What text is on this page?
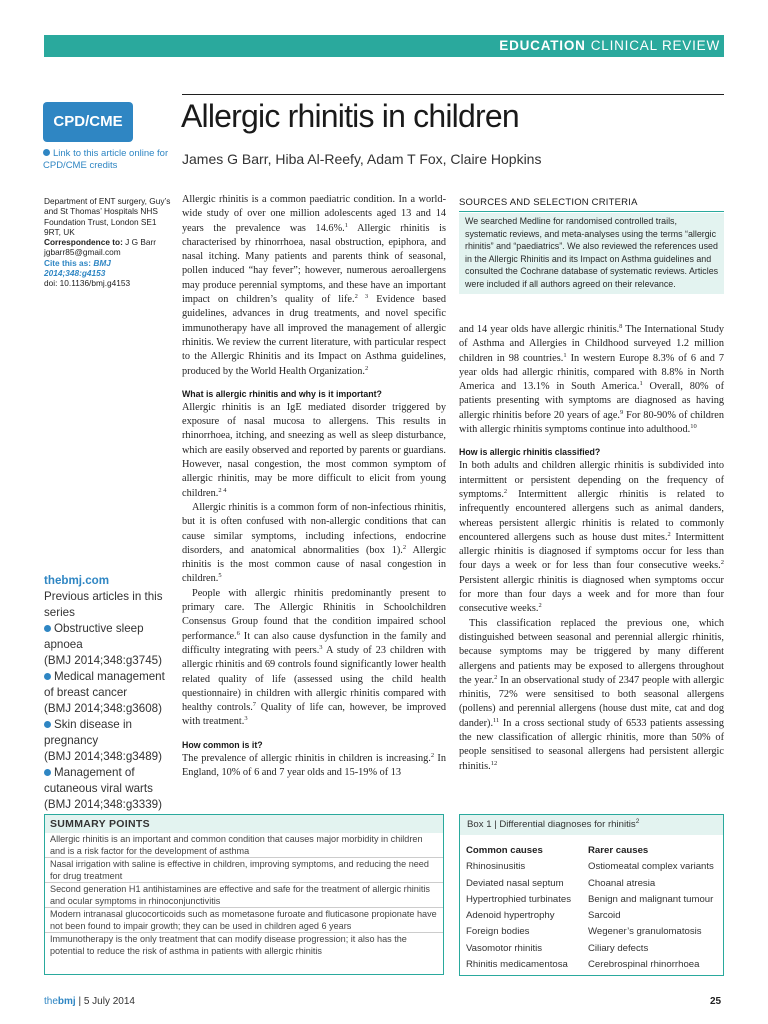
EDUCATION CLINICAL REVIEW
CPD/CME
Link to this article online for CPD/CME credits
Allergic rhinitis in children
James G Barr, Hiba Al-Reefy, Adam T Fox, Claire Hopkins
Department of ENT surgery, Guy’s and St Thomas’ Hospitals NHS Foundation Trust, London SE1 9RT, UK
Correspondence to: J G Barr
jgbarr85@gmail.com
Cite this as: BMJ 2014;348:g4153
doi: 10.1136/bmj.g4153
thebmj.com
Previous articles in this series
Obstructive sleep apnoea
(BMJ 2014;348:g3745)
Medical management of breast cancer
(BMJ 2014;348:g3608)
Skin disease in pregnancy
(BMJ 2014;348:g3489)
Management of cutaneous viral warts
(BMJ 2014;348:g3339)

Allergic rhinitis is a common paediatric condition. In a world-wide study of over one million adolescents aged 13 and 14 years the prevalence was 14.6%.$^1$ Allergic rhinitis is characterised by rhinorrhoea, nasal obstruction, epiphora, and nasal itching. Many patients and parents think of seasonal, pollen induced “hay fever”; however, numerous aeroallergens may produce perennial symptoms, and these have an important impact on children’s quality of life.$^{2 3}$ Evidence based guidelines, advances in drug treatments, and novel specific immunotherapy have all improved the management of allergic rhinitis. We review the current literature, with particular respect to the Allergic Rhinitis and its Impact on Asthma guidelines, produced by the World Health Organization.$^2$

What is allergic rhinitis and why is it important?

Allergic rhinitis is an IgE mediated disorder triggered by exposure of nasal mucosa to allergens. This results in rhinorrhoea, itching, and sneezing as well as sleep disturbance, which are easily observed and reported by parents or guardians. However, nasal congestion, the most common symptom of allergic rhinitis, may be more difficult to elicit from young children.$^{2 4}$

Allergic rhinitis is a common form of non-infectious rhinitis, but it is often confused with non-allergic conditions that can cause similar symptoms, including infections, endocrine disorders, and anatomical abnormalities (box 1).$^2$ Allergic rhinitis is the most common cause of nasal congestion in children.$^5$

People with allergic rhinitis predominantly present to primary care. The Allergic Rhinitis in Schoolchildren Consensus Group found that the condition impaired school performance.$^6$ It can also cause dysfunction in the family and difficulty integrating with peers.$^3$ A study of 23 children with allergic rhinitis and 69 controls found significantly lower health related quality of life (assessed using the child health questionnaire) in children with allergic rhinitis compared with healthy controls.$^7$ Quality of life can, however, be improved with treatment.$^3$

How common is it?

The prevalence of allergic rhinitis in children is increasing.$^2$ In England, 10% of 6 and 7 year olds and 15-19% of 13

SOURCES AND SELECTION CRITERIA
We searched Medline for randomised controlled trails, systematic reviews, and meta-analyses using the terms “allergic rhinitis” and “paediatrics”. We also reviewed the references used in the Allergic Rhinitis and its Impact on Asthma guidelines and consulted the Cochrane database of systematic reviews. Articles were included if all authors agreed on their relevance.

and 14 year olds have allergic rhinitis.$^8$ The International Study of Asthma and Allergies in Childhood surveyed 1.2 million children in 98 countries.$^1$ In western Europe 8.3% of 6 and 7 year olds had allergic rhinitis, compared with 8.8% in North America and 13.1% in South America.$^1$ Overall, 80% of patients presenting with symptoms are diagnosed as having allergic rhinitis before 20 years of age.$^9$ For 80-90% of children with allergic rhinitis symptoms continue into adulthood.$^{10}$

How is allergic rhinitis classified?

In both adults and children allergic rhinitis is subdivided into intermittent or persistent depending on the frequency of symptoms.$^2$ Intermittent allergic rhinitis is related to infrequently encountered allergens such as animal danders, whereas persistent allergic rhinitis is related to commonly encountered allergens such as house dust mites.$^2$ Intermittent allergic rhinitis is diagnosed if symptoms occur for less than four days a week or for less than four consecutive weeks.$^2$ Persistent allergic rhinitis is diagnosed when symptoms occur for more than four days a week and for more than four consecutive weeks.$^2$

This classification replaced the previous one, which distinguished between seasonal and perennial allergic rhinitis, because symptoms may be triggered by many different allergens and patients may be exposed to allergens throughout the year.$^2$ In an observational study of 2347 people with allergic rhinitis, 72% were sensitised to both seasonal allergens (pollens) and perennial allergens (house dust mite, cat and dog dander).$^{11}$ In a cross sectional study of 6533 patients assessing the new classification of allergic rhinitis, more than 50% of people sensitised to seasonal allergens had persistent allergic rhinitis.$^{12}$

SUMMARY POINTS
Allergic rhinitis is an important and common condition that causes major morbidity in children and is a risk factor for the development of asthma
Nasal irrigation with saline is effective in children, improving symptoms, and reducing the need for drug treatment
Second generation H1 antihistamines are effective and safe for the treatment of allergic rhinitis and ocular symptoms in rhinoconjunctivitis
Modern intranasal glucocorticoids such as mometasone furoate and fluticasone propionate have not been found to impair growth; they can be used in children aged 6 years
Immunotherapy is the only treatment that can modify disease progression; it also has the potential to reduce the risk of asthma in patients with allergic rhinitis
Box 1 | Differential diagnoses for rhinitis$^2$
Common causes
Rhinosinusitis
Deviated nasal septum
Hypertrophied turbinates
Adenoid hypertrophy
Foreign bodies
Vasomotor rhinitis
Rhinitis medicamentosa
Rarer causes
Ostiomeatal complex variants
Choanal atresia
Benign and malignant tumour
Sarcoid
Wegener’s granulomatosis
Ciliary defects
Cerebrospinal rhinorrhoea
thebmj | 5 July 2014	25
